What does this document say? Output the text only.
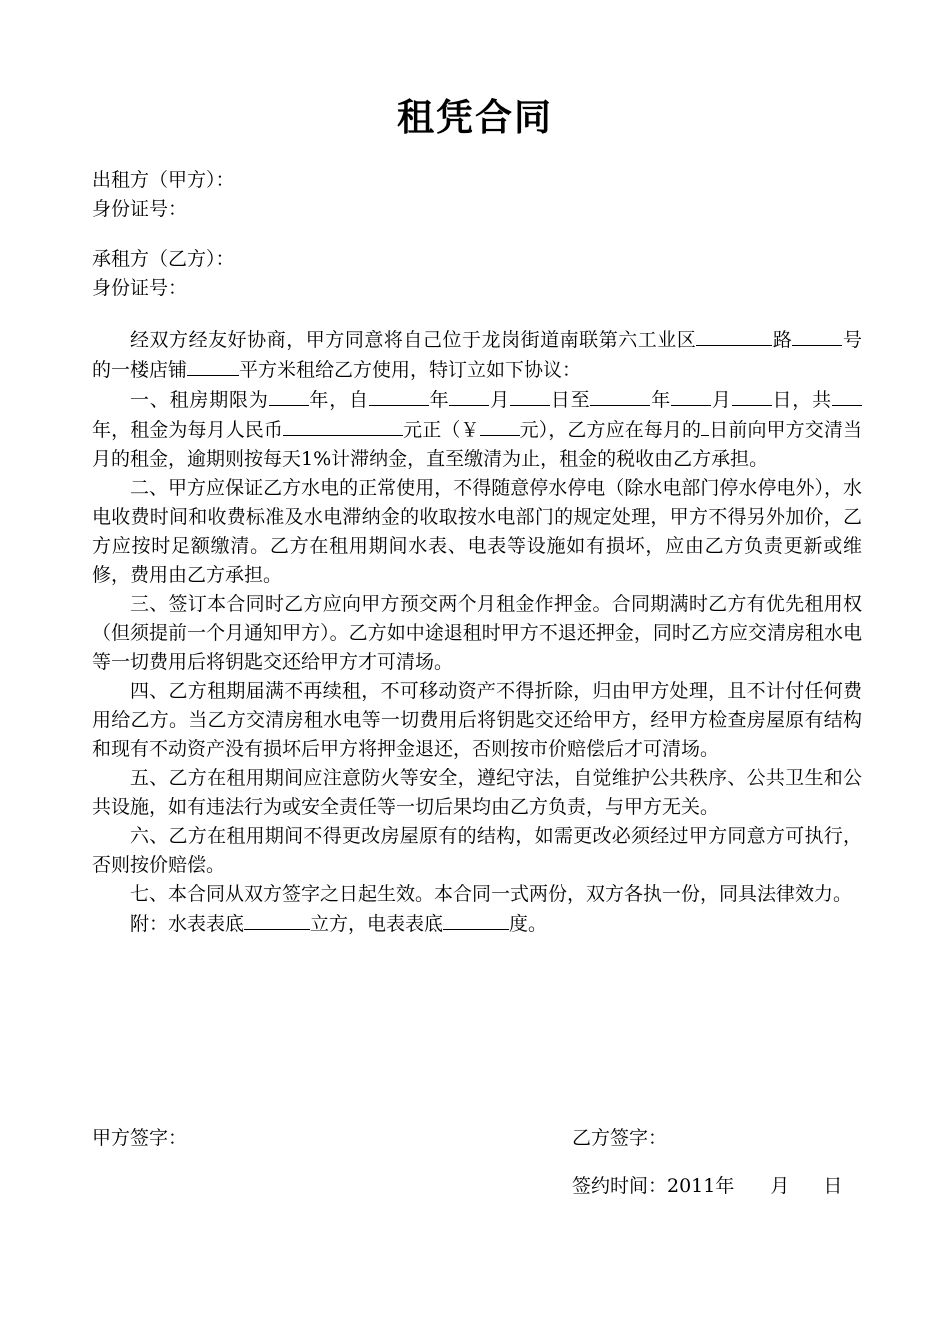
租凭合同
出租方（甲方）：
身份证号：
承租方（乙方）：
身份证号：

经双方经友好协商，甲方同意将自己位于龙岗街道南联第六工业区	路	号的一楼店铺	平方米租给乙方使用，特订立如下协议：

一、租房期限为 年，自	年 月 日至	年 月 日，共年，租金为每月人民币	元正（￥ 元），乙方应在每月的 日前向甲方交清当月的租金，逾期则按每天1%计滞纳金，直至缴清为止，租金的税收由乙方承担。

二、甲方应保证乙方水电的正常使用，不得随意停水停电（除水电部门停水停电外），水电收费时间和收费标准及水电滞纳金的收取按水电部门的规定处理，甲方不得另外加价，乙方应按时足额缴清。乙方在租用期间水表、电表等设施如有损坏，应由乙方负责更新或维修，费用由乙方承担。

三、签订本合同时乙方应向甲方预交两个月租金作押金。合同期满时乙方有优先租用权（但须提前一个月通知甲方）。乙方如中途退租时甲方不退还押金，同时乙方应交清房租水电等一切费用后将钥匙交还给甲方才可清场。

四、乙方租期届满不再续租，不可移动资产不得折除，归由甲方处理，且不计付任何费用给乙方。当乙方交清房租水电等一切费用后将钥匙交还给甲方，经甲方检查房屋原有结构和现有不动资产没有损坏后甲方将押金退还，否则按市价赔偿后才可清场。

五、乙方在租用期间应注意防火等安全，遵纪守法，自觉维护公共秩序、公共卫生和公共设施，如有违法行为或安全责任等一切后果均由乙方负责，与甲方无关。

六、乙方在租用期间不得更改房屋原有的结构，如需更改必须经过甲方同意方可执行，否则按价赔偿。

七、本合同从双方签字之日起生效。本合同一式两份，双方各执一份，同具法律效力。

附：水表表底	立方，电表表底	度。

甲方签字：	乙方签字：
签约时间：2011年 月 日
